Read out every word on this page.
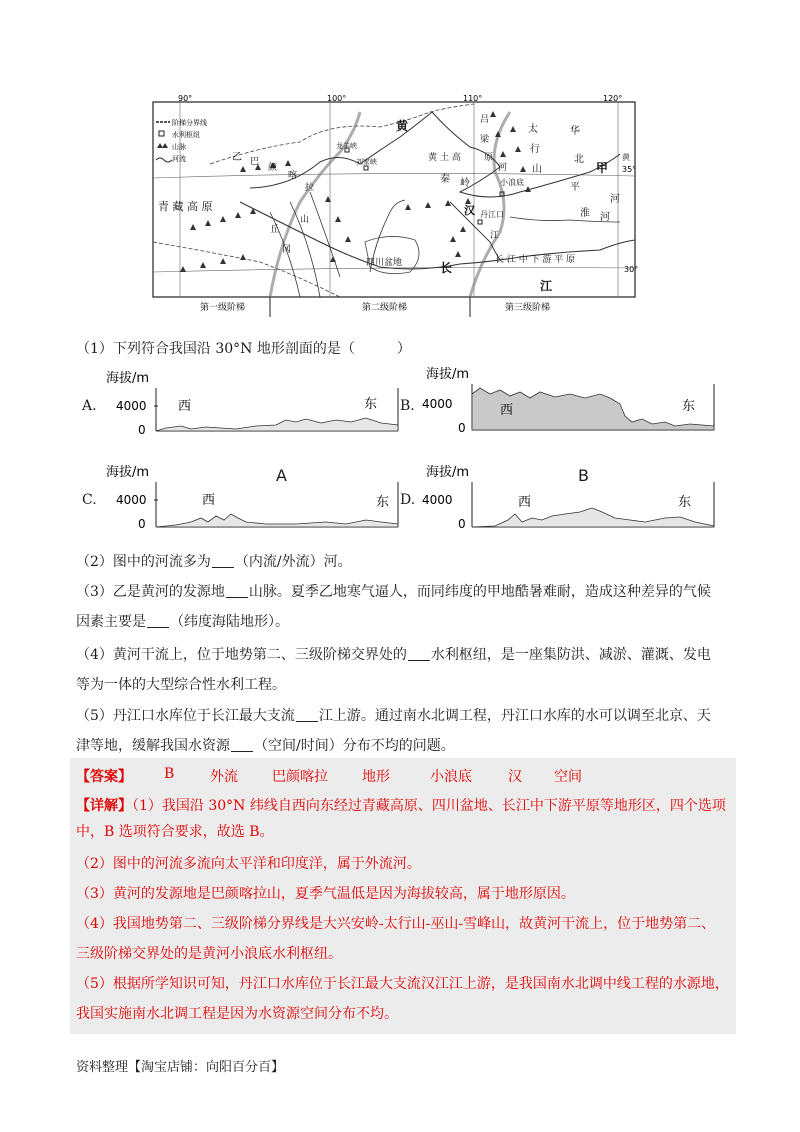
90°	100°	110°	120°
35°
30°
阶梯分界线
水利枢纽
山脉
河流	乙 巴
颜
喀
拉
龙羊峡
刘家峡
黄
黄 土 高	原
太
行
山
华
北
平
甲
黄
河
吕
梁
河
小浪底
秦 岭
丹江口
汉
江
淮 河
青 藏 高 原
山
四川盆地	长 江 中 下 游 平 原
长
江
丘
冈
第一级阶梯	第二级阶梯	第三级阶梯
（1）下列符合我国沿 30°N 地形剖面的是（　　　）
A.
海拔/m
4000
0
西	东
A
B.
海拔/m
4000
0
西	东
B
C.
海拔/m
4000
0
西	东 D.
海拔/m
4000
0
西	东
（2）图中的河流多为 （内流/外流）河。
（3）乙是黄河的发源地 山脉。夏季乙地寒气逼人，而同纬度的甲地酷暑难耐，造成这种差异的气候
因素主要是 （纬度海陆地形）。
（4）黄河干流上，位于地势第二、三级阶梯交界处的 水利枢纽，是一座集防洪、减淤、灌溉、发电
等为一体的大型综合性水利工程。
（5）丹江口水库位于长江最大支流 江上游。通过南水北调工程，丹江口水库的水可以调至北京、天
津等地，缓解我国水资源 （空间/时间）分布不均的问题。
【答案】 B	外流 巴颜喀拉 地形	小浪底	汉 空间
【详解】（1）我国沿 30°N 纬线自西向东经过青藏高原、四川盆地、长江中下游平原等地形区，四个选项
中，B 选项符合要求，故选 B。
（2）图中的河流多流向太平洋和印度洋，属于外流河。
（3）黄河的发源地是巴颜喀拉山，夏季气温低是因为海拔较高，属于地形原因。
（4）我国地势第二、三级阶梯分界线是大兴安岭-太行山-巫山-雪峰山，故黄河干流上，位于地势第二、
三级阶梯交界处的是黄河小浪底水利枢纽。
（5）根据所学知识可知，丹江口水库位于长江最大支流汉江江上游，是我国南水北调中线工程的水源地，
我国实施南水北调工程是因为水资源空间分布不均。
资料整理【淘宝店铺：向阳百分百】
